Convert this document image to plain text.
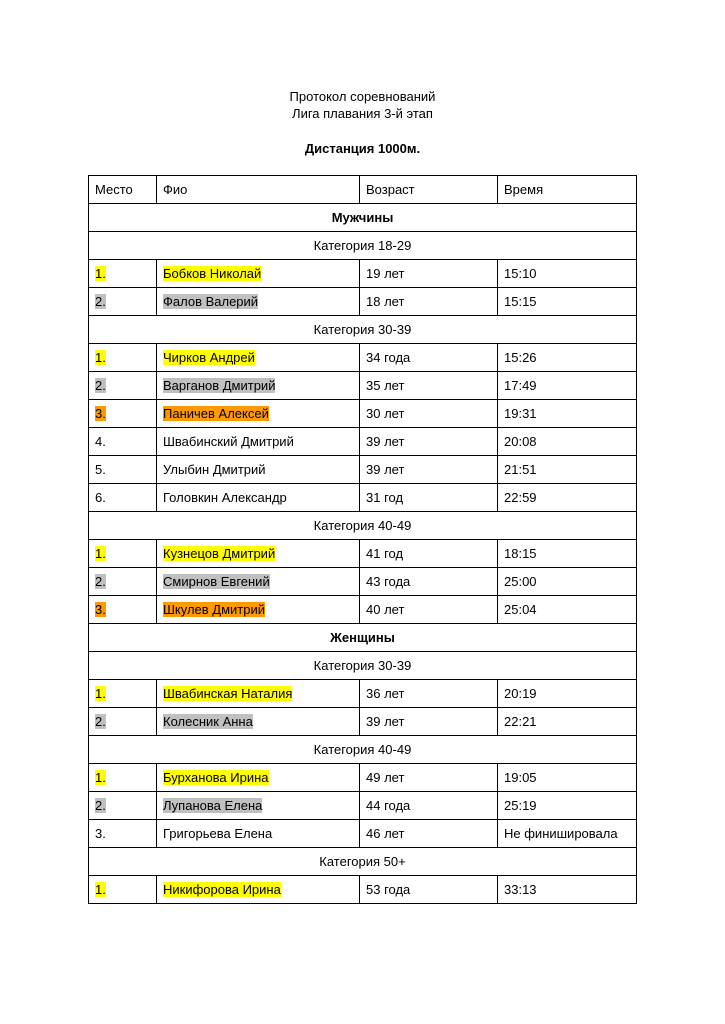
Протокол соревнований
Лига плавания 3-й этап
Дистанция 1000м.
Место	Фио	Возраст	Время
Мужчины			
Категория 18-29			
1.	Бобков Николай	19 лет	15:10
2.	Фалов Валерий	18 лет	15:15
Категория 30-39			
1.	Чирков Андрей	34 года	15:26
2.	Варганов Дмитрий	35 лет	17:49
3.	Паничев Алексей	30 лет	19:31
4.	Швабинский Дмитрий	39 лет	20:08
5.	Улыбин Дмитрий	39 лет	21:51
6.	Головкин Александр	31 год	22:59
Категория 40-49			
1.	Кузнецов Дмитрий	41 год	18:15
2.	Смирнов Евгений	43 года	25:00
3.	Шкулев Дмитрий	40 лет	25:04
Женщины			
Категория 30-39			
1.	Швабинская Наталия	36 лет	20:19
2.	Колесник Анна	39 лет	22:21
Категория 40-49			
1.	Бурханова Ирина	49 лет	19:05
2.	Лупанова Елена	44 года	25:19
3.	Григорьева Елена	46 лет	Не финишировала
Категория 50+			
1.	Никифорова Ирина	53 года	33:13
